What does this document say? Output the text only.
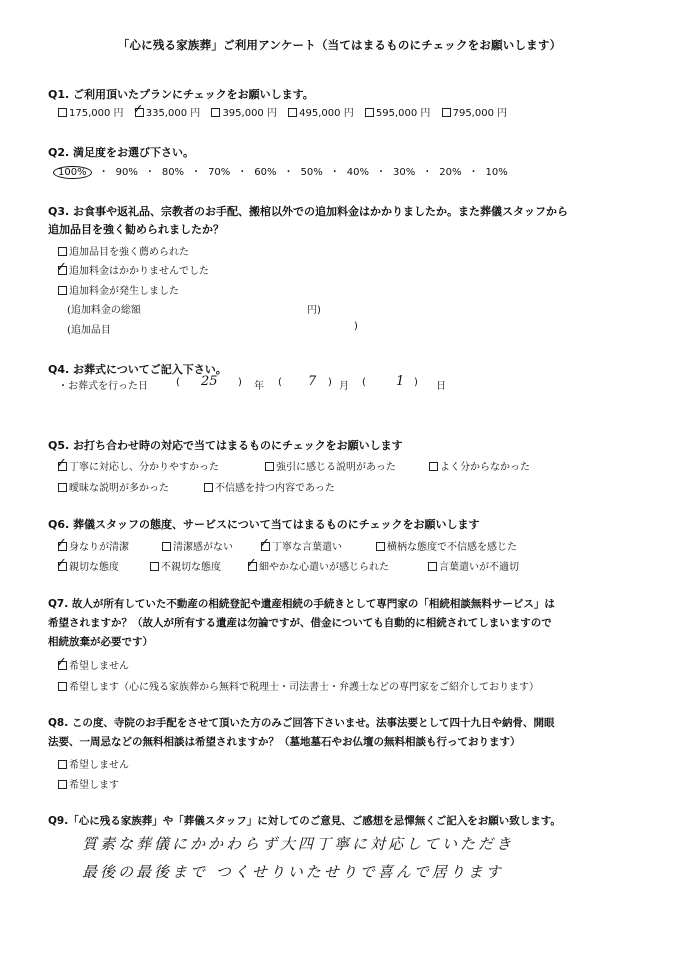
「心に残る家族葬」ご利用アンケート（当てはまるものにチェックをお願いします）
Q1. ご利用頂いたプランにチェックをお願いします。
175,000 円 ✓ 335,000 円 395,000 円 495,000 円 595,000 円 795,000 円
Q2. 満足度をお選び下さい。
100% ・ 90% ・ 80% ・ 70% ・ 60% ・ 50% ・ 40% ・ 30% ・ 20% ・ 10%
Q3. お食事や返礼品、宗教者のお手配、搬棺以外での追加料金はかかりましたか。また葬儀スタッフから
追加品目を強く勧められましたか？
追加品目を強く薦められた
✓追加料金はかかりませんでした
追加料金が発生しました
(追加料金の総額	円)
(追加品目	)
Q4. お葬式についてご記入下さい。
・お葬式を行った日	( 25 ) 年 ( 7 ) 月 ( 1 ) 日
Q5. お打ち合わせ時の対応で当てはまるものにチェックをお願いします
✓丁寧に対応し、分かりやすかった	強引に感じる説明があった	よく分からなかった
曖昧な説明が多かった	不信感を持つ内容であった
Q6. 葬儀スタッフの態度、サービスについて当てはまるものにチェックをお願いします
✓身なりが清潔	清潔感がない ✓	丁寧な言葉遣い	横柄な態度で不信感を感じた
✓親切な態度	不親切な態度 ✓	細やかな心遣いが感じられた	言葉遣いが不適切
Q7. 故人が所有していた不動産の相続登記や遺産相続の手続きとして専門家の「相続相談無料サービス」は
希望されますか？（故人が所有する遺産は勿論ですが、借金についても自動的に相続されてしまいますので
相続放棄が必要です）
✓希望しません
希望します（心に残る家族葬から無料で税理士・司法書士・弁護士などの専門家をご紹介しております）
Q8. この度、寺院のお手配をさせて頂いた方のみご回答下さいませ。法事法要として四十九日や納骨、開眼
法要、一周忌などの無料相談は希望されますか？（墓地墓石やお仏壇の無料相談も行っております）
希望しません
希望します
Q9.「心に残る家族葬」や「葬儀スタッフ」に対してのご意見、ご感想を忌憚無くご記入をお願い致します。
質素な葬儀にかかわらず大四丁寧に対応していただき
最後の最後まで つくせりいたせりで喜んで居ります
